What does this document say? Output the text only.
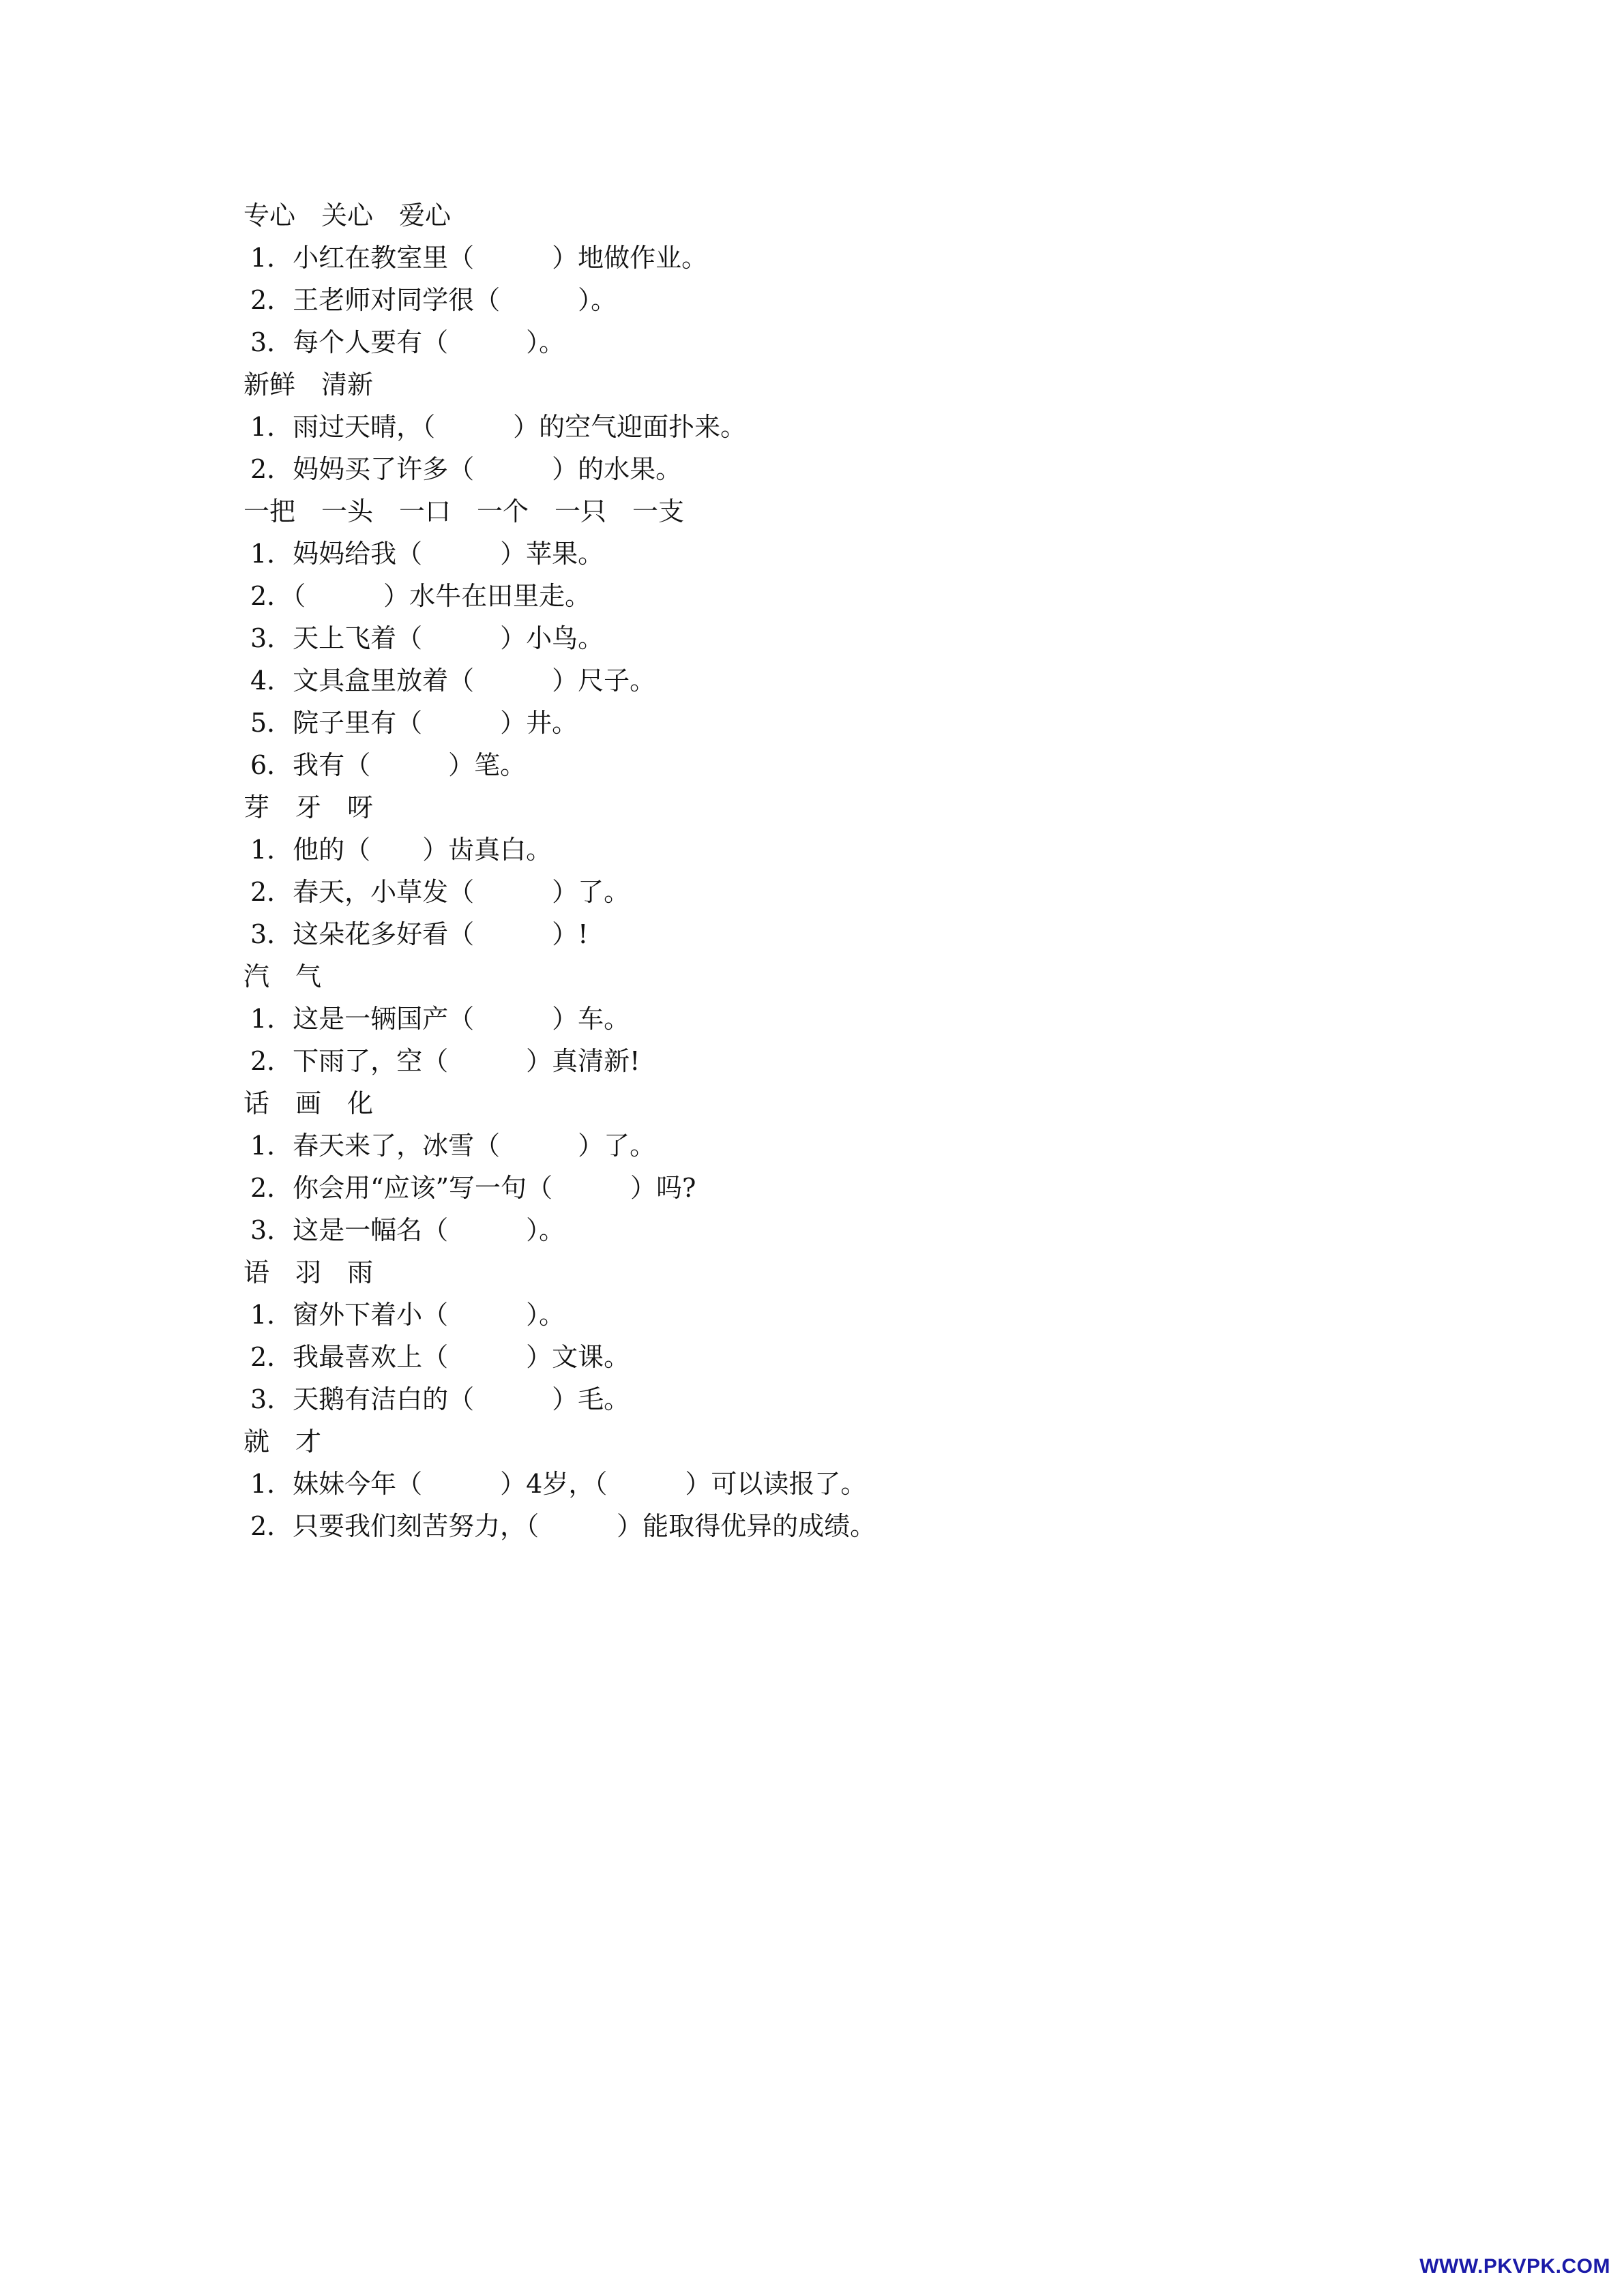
专心　关心　爱心
1．小红在教室里（　　　）地做作业。
2．王老师对同学很（　　　）。
3．每个人要有（　　　）。
新鲜　清新
1．雨过天晴，（　　　）的空气迎面扑来。
2．妈妈买了许多（　　　）的水果。
一把　一头　一口　一个　一只　一支
1．妈妈给我（　　　）苹果。
2．（　　　）水牛在田里走。
3．天上飞着（　　　）小鸟。
4．文具盒里放着（　　　）尺子。
5．院子里有（　　　）井。
6．我有（　　　）笔。
芽　牙　呀
1．他的（　　）齿真白。
2．春天，小草发（　　　）了。
3．这朵花多好看（　　　）!
汽　气
1．这是一辆国产（　　　）车。
2．下雨了，空（　　　）真清新!
话　画　化
1．春天来了，冰雪（　　　）了。
2．你会用“应该”写一句（　　　）吗?
3．这是一幅名（　　　）。
语　羽　雨
1．窗外下着小（　　　）。
2．我最喜欢上（　　　）文课。
3．天鹅有洁白的（　　　）毛。
就　才
1．妹妹今年（　　　）4岁，（　　　）可以读报了。
2．只要我们刻苦努力，（　　　）能取得优异的成绩。
WWW.PKVPK.COM
